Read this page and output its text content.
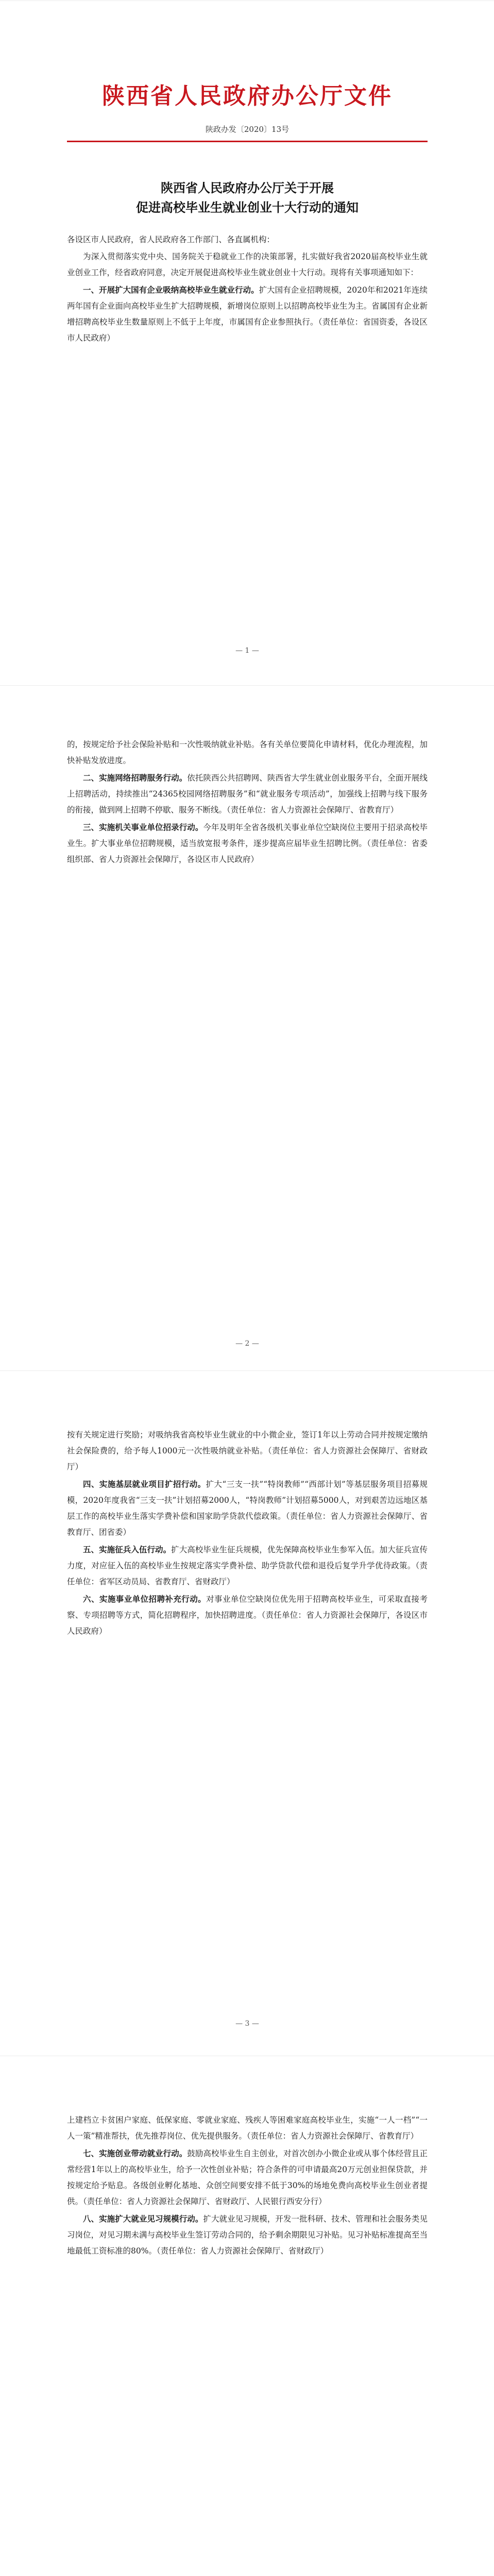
陕西省人民政府办公厅文件
陕政办发〔2020〕13号
陕西省人民政府办公厅关于开展
促进高校毕业生就业创业十大行动的通知

各设区市人民政府，省人民政府各工作部门、各直属机构：

为深入贯彻落实党中央、国务院关于稳就业工作的决策部署，扎实做好我省2020届高校毕业生就业创业工作，经省政府同意，决定开展促进高校毕业生就业创业十大行动。现将有关事项通知如下：

一、开展扩大国有企业吸纳高校毕业生就业行动。扩大国有企业招聘规模，2020年和2021年连续两年国有企业面向高校毕业生扩大招聘规模，新增岗位原则上以招聘高校毕业生为主。省属国有企业新增招聘高校毕业生数量原则上不低于上年度，市属国有企业参照执行。（责任单位：省国资委，各设区市人民政府）

— 1 —

的，按规定给予社会保险补贴和一次性吸纳就业补贴。各有关单位要简化申请材料，优化办理流程，加快补贴发放进度。

二、实施网络招聘服务行动。依托陕西公共招聘网、陕西省大学生就业创业服务平台，全面开展线上招聘活动，持续推出“24365校园网络招聘服务”和“就业服务专项活动”，加强线上招聘与线下服务的衔接，做到网上招聘不停歇、服务不断线。（责任单位：省人力资源社会保障厅、省教育厅）

三、实施机关事业单位招录行动。今年及明年全省各级机关事业单位空缺岗位主要用于招录高校毕业生。扩大事业单位招聘规模，适当放宽报考条件，逐步提高应届毕业生招聘比例。（责任单位：省委组织部、省人力资源社会保障厅，各设区市人民政府）

— 2 —

按有关规定进行奖励；对吸纳我省高校毕业生就业的中小微企业，签订1年以上劳动合同并按规定缴纳社会保险费的，给予每人1000元一次性吸纳就业补贴。（责任单位：省人力资源社会保障厅、省财政厅）

四、实施基层就业项目扩招行动。扩大“三支一扶”“特岗教师”“西部计划”等基层服务项目招募规模，2020年度我省“三支一扶”计划招募2000人，“特岗教师”计划招募5000人，对到艰苦边远地区基层工作的高校毕业生落实学费补偿和国家助学贷款代偿政策。（责任单位：省人力资源社会保障厅、省教育厅、团省委）

五、实施征兵入伍行动。扩大高校毕业生征兵规模，优先保障高校毕业生参军入伍。加大征兵宣传力度，对应征入伍的高校毕业生按规定落实学费补偿、助学贷款代偿和退役后复学升学优待政策。（责任单位：省军区动员局、省教育厅、省财政厅）

六、实施事业单位招聘补充行动。对事业单位空缺岗位优先用于招聘高校毕业生，可采取直接考察、专项招聘等方式，简化招聘程序，加快招聘进度。（责任单位：省人力资源社会保障厅，各设区市人民政府）

— 3 —

上建档立卡贫困户家庭、低保家庭、零就业家庭、残疾人等困难家庭高校毕业生，实施“一人一档”“一人一策”精准帮扶，优先推荐岗位、优先提供服务。（责任单位：省人力资源社会保障厅、省教育厅）

七、实施创业带动就业行动。鼓励高校毕业生自主创业，对首次创办小微企业或从事个体经营且正常经营1年以上的高校毕业生，给予一次性创业补贴；符合条件的可申请最高20万元创业担保贷款，并按规定给予贴息。各级创业孵化基地、众创空间要安排不低于30%的场地免费向高校毕业生创业者提供。（责任单位：省人力资源社会保障厅、省财政厅、人民银行西安分行）

八、实施扩大就业见习规模行动。扩大就业见习规模，开发一批科研、技术、管理和社会服务类见习岗位，对见习期未满与高校毕业生签订劳动合同的，给予剩余期限见习补贴。见习补贴标准提高至当地最低工资标准的80%。（责任单位：省人力资源社会保障厅、省财政厅）
